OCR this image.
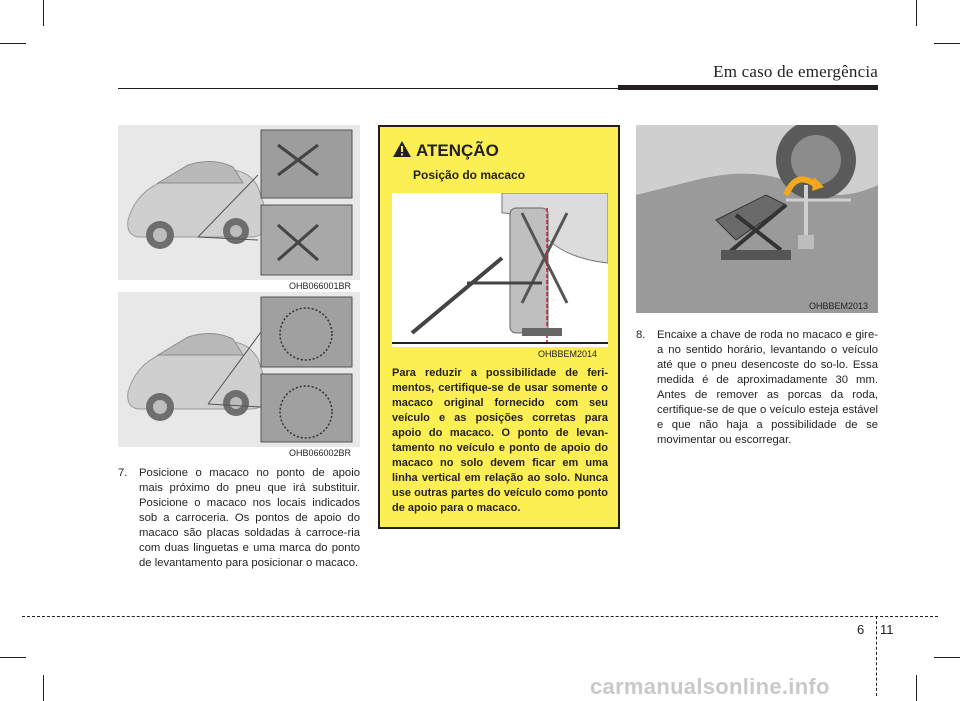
Em caso de emergência
OHB066001BR
OHB066002BR
7. Posicione o macaco no ponto de apoio mais próximo do pneu que irá substituir. Posicione o macaco nos locais indicados sob a carroceria. Os pontos de apoio do macaco são placas soldadas à carroce-ria com duas linguetas e uma marca do ponto de levantamento para posicionar o macaco.
ATENÇÃO
Posição do macaco
OHBBEM2014
Para reduzir a possibilidade de feri-mentos, certifique-se de usar somente o macaco original fornecido com seu veículo e as posições corretas para apoio do macaco. O ponto de levan-tamento no veículo e ponto de apoio do macaco no solo devem ficar em uma linha vertical em relação ao solo. Nunca use outras partes do veículo como ponto de apoio para o macaco.
OHBBEM2013
8. Encaixe a chave de roda no macaco e gire-a no sentido horário, levantando o veículo até que o pneu desencoste do so-lo. Essa medida é de aproximadamente 30 mm. Antes de remover as porcas da roda, certifique-se de que o veículo esteja estável e que não haja a possibilidade de se movimentar ou escorregar.
6 11
carmanualsonline.info
